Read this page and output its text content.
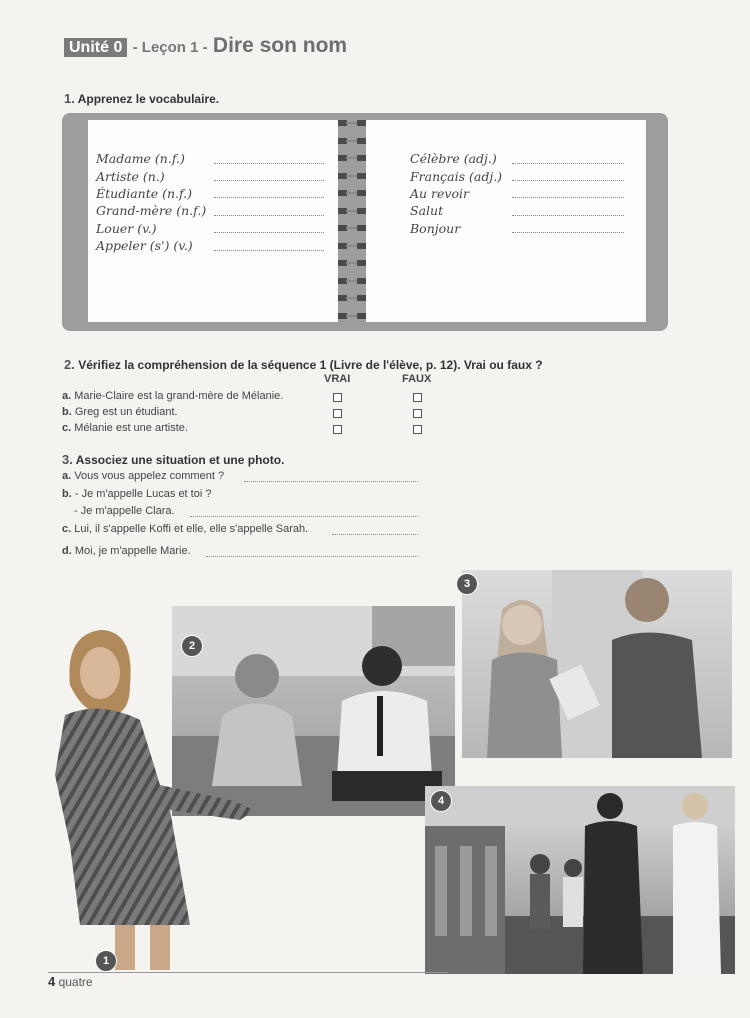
Unité 0 - Leçon 1 - Dire son nom
1. Apprenez le vocabulaire.
Madame (n.f.)
Artiste (n.)
Étudiante (n.f.)
Grand-mère (n.f.)
Louer (v.)
Appeler (s') (v.)
Célèbre (adj.)
Français (adj.)
Au revoir
Salut
Bonjour
2. Vérifiez la compréhension de la séquence 1 (Livre de l'élève, p. 12). Vrai ou faux ?
VRAI	FAUX
a. Marie-Claire est la grand-mère de Mélanie.
b. Greg est un étudiant.
c. Mélanie est une artiste.
3. Associez une situation et une photo.
a. Vous vous appelez comment ?
b. - Je m'appelle Lucas et toi ?
- Je m'appelle Clara.
c. Lui, il s'appelle Koffi et elle, elle s'appelle Sarah.
d. Moi, je m'appelle Marie.
2
3
4
1
4 quatre
